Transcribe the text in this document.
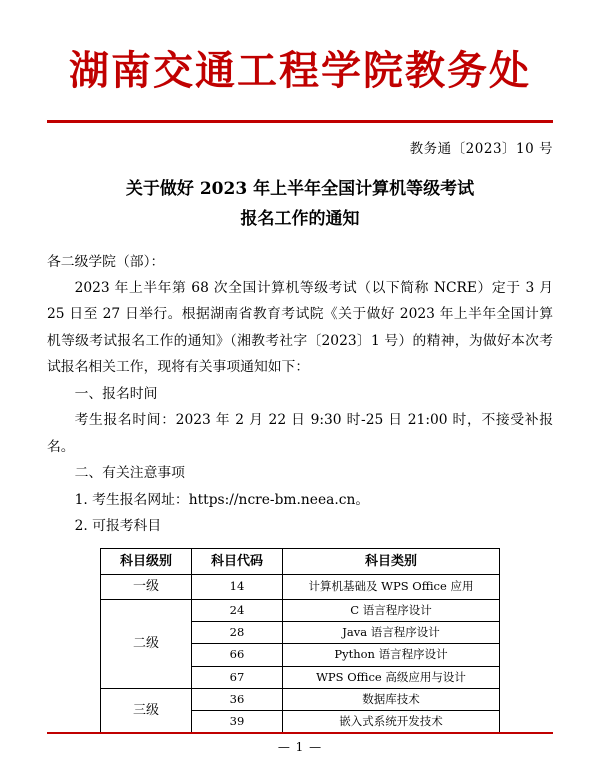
湖南交通工程学院教务处
教务通〔2023〕10 号
关于做好 2023 年上半年全国计算机等级考试
报名工作的通知

各二级学院（部）：

2023 年上半年第 68 次全国计算机等级考试（以下简称 NCRE）定于 3 月 25 日至 27 日举行。根据湖南省教育考试院《关于做好 2023 年上半年全国计算机等级考试报名工作的通知》（湘教考社字〔2023〕1 号）的精神，为做好本次考试报名相关工作，现将有关事项通知如下：

一、报名时间

考生报名时间：2023 年 2 月 22 日 9:30 时-25 日 21:00 时，不接受补报名。

二、有关注意事项

1. 考生报名网址：https://ncre-bm.neea.cn。

2. 可报考科目

科目级别	科目代码	科目类别
一级	14	计算机基础及 WPS Office 应用
二级	24	C 语言程序设计
	28	Java 语言程序设计
	66	Python 语言程序设计
	67	WPS Office 高级应用与设计
三级	36	数据库技术
	39	嵌入式系统开发技术
— 1 —
